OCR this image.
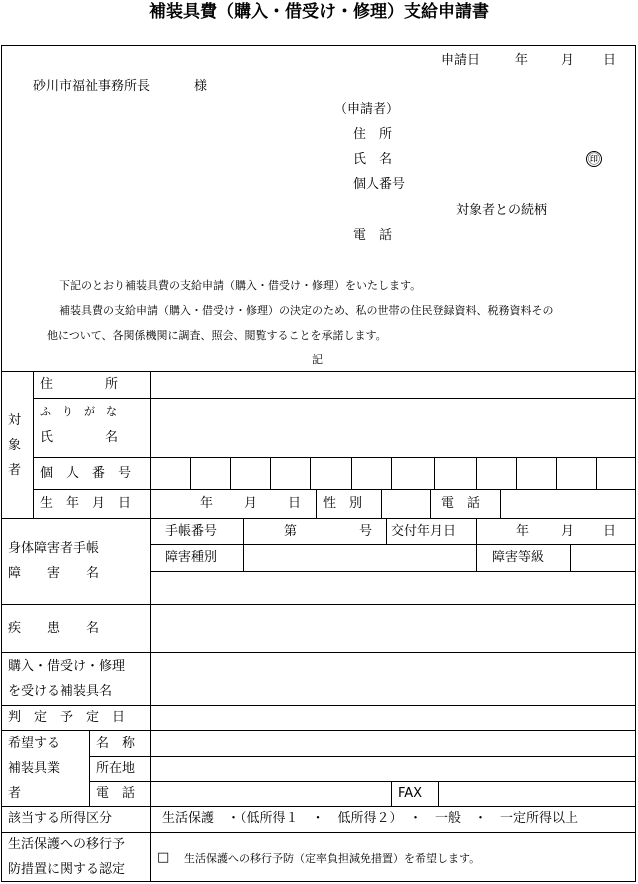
補装具費（購入・借受け・修理）支給申請書
申請日	年	月 日
砂川市福祉事務所長	様
（申請者）
住　所
氏　名	㊞
個人番号
対象者との続柄
電　話
下記のとおり補装具費の支給申請（購入・借受け・修理）をいたします。
補装具費の支給申請（購入・借受け・修理）の決定のため、私の世帯の住民登録資料、税務資料その
他について、各関係機関に調査、照会、閲覧することを承諾します。
記
対
象
者
住　　　　所
ふ　り　が　な
氏　　　　名
個　人　番　号
生　年　月　日	年 月 日 性　別	電　話
身体障害者手帳
障　　害　　名
手帳番号	第	号 交付年月日	年 月 日
障害種別	障害等級
疾　　患　　名
購入・借受け・修理
を受ける補装具名
判　定　予　定　日
希望する
補装具業
者
名　称
所在地
電　話	FAX
該当する所得区分	生活保護　・（低所得１　・　低所得２）　・　一般　・　一定所得以上
生活保護への移行予
防措置に関する認定
□ 生活保護への移行予防（定率負担減免措置）を希望します。
